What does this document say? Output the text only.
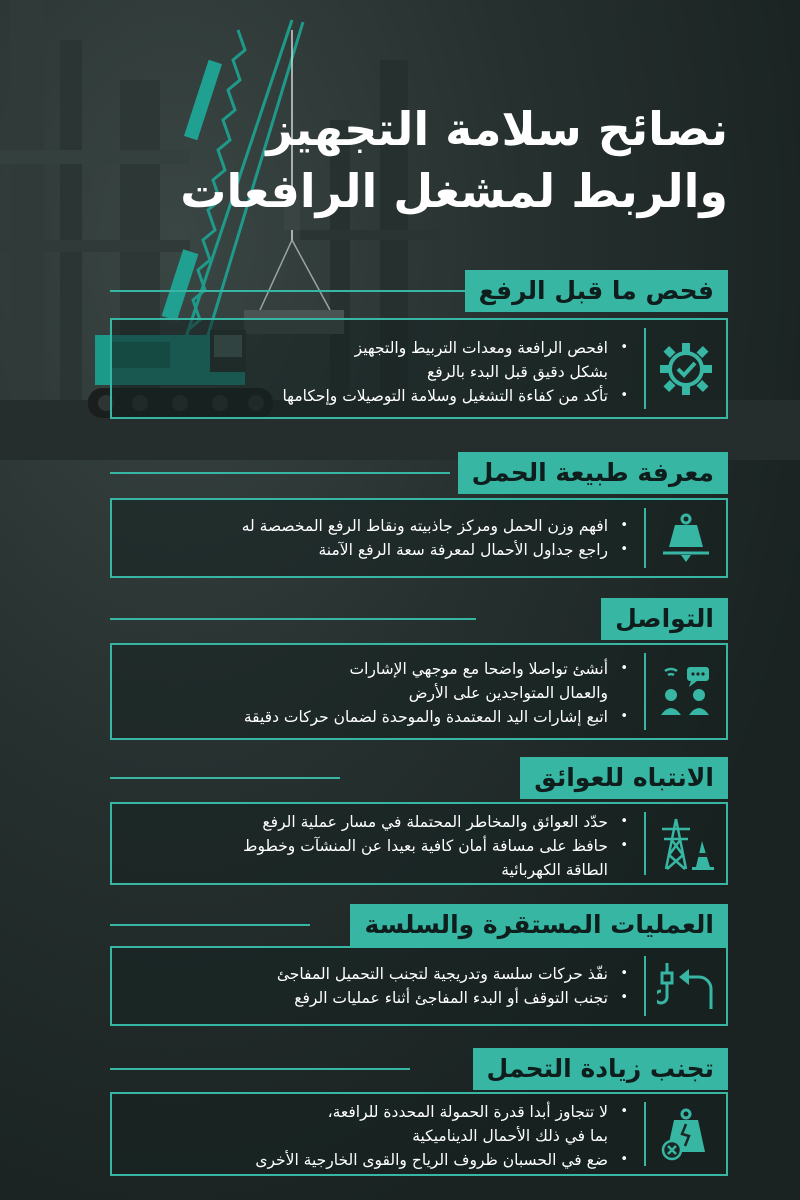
نصائح سلامة التجهيز
والربط لمشغل الرافعات
فحص ما قبل الرفع
• افحص الرافعة ومعدات التربيط والتجهيز
بشكل دقيق قبل البدء بالرفع
• تأكد من كفاءة التشغيل وسلامة التوصيلات وإحكامها
معرفة طبيعة الحمل
• افهم وزن الحمل ومركز جاذبيته ونقاط الرفع المخصصة له
• راجع جداول الأحمال لمعرفة سعة الرفع الآمنة
التواصل
• أنشئ تواصلا واضحا مع موجهي الإشارات
والعمال المتواجدين على الأرض
• اتبع إشارات اليد المعتمدة والموحدة لضمان حركات دقيقة
الانتباه للعوائق
• حدّد العوائق والمخاطر المحتملة في مسار عملية الرفع
• حافظ على مسافة أمان كافية بعيدا عن المنشآت وخطوط
الطاقة الكهربائية
العمليات المستقرة والسلسة
• نفّذ حركات سلسة وتدريجية لتجنب التحميل المفاجئ
• تجنب التوقف أو البدء المفاجئ أثناء عمليات الرفع
تجنب زيادة التحمل
• لا تتجاوز أبدا قدرة الحمولة المحددة للرافعة،
بما في ذلك الأحمال الديناميكية
• ضع في الحسبان ظروف الرياح والقوى الخارجية الأخرى
